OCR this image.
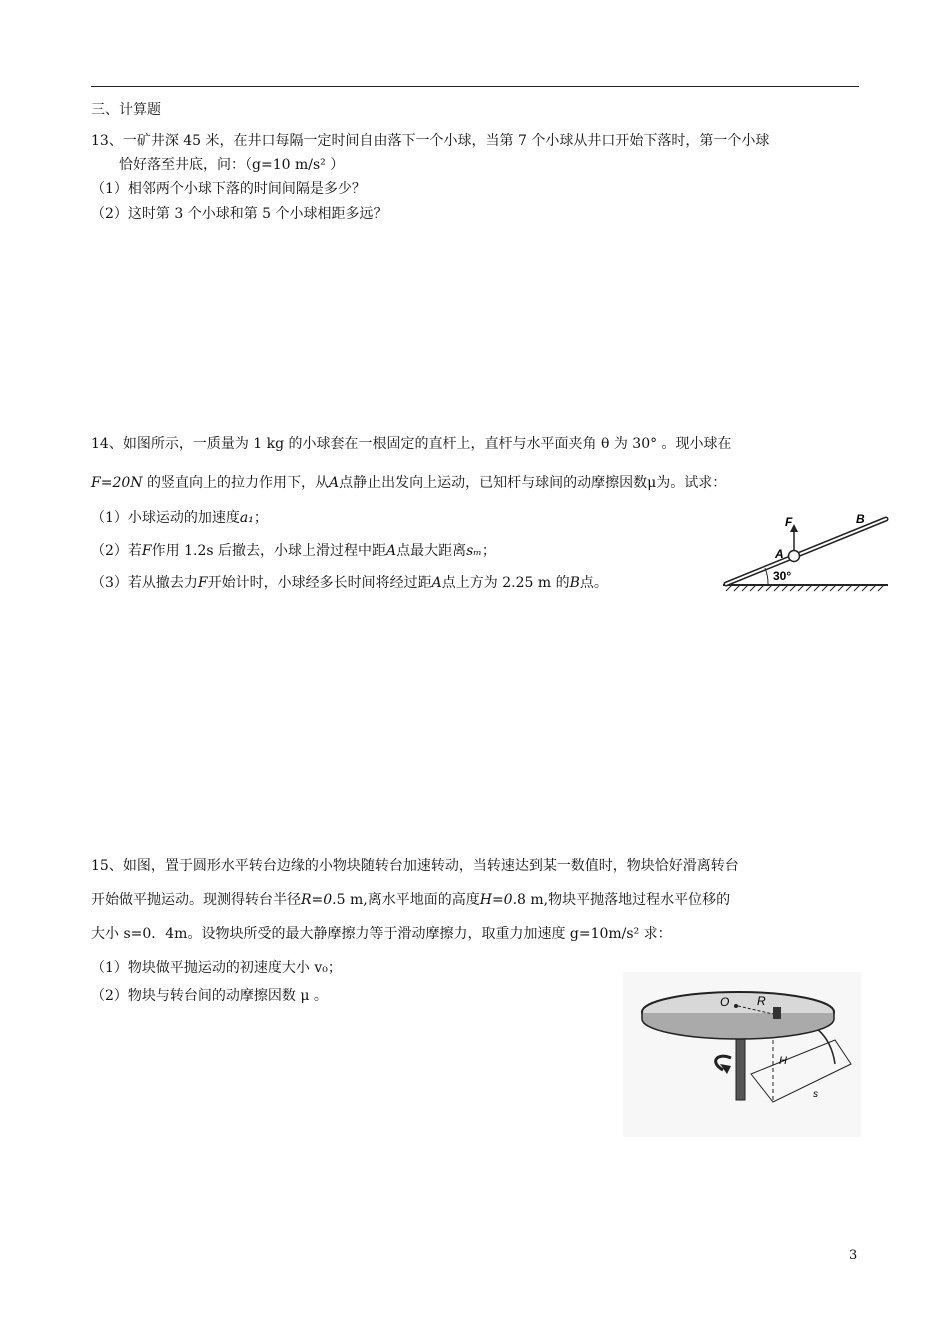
三、计算题
13、一矿井深 45 米，在井口每隔一定时间自由落下一个小球，当第 7 个小球从井口开始下落时，第一个小球
恰好落至井底，问：（g=10 m/s² ）
（1）相邻两个小球下落的时间间隔是多少？
（2）这时第 3 个小球和第 5 个小球相距多远？
14、如图所示，一质量为 1 kg 的小球套在一根固定的直杆上，直杆与水平面夹角 θ 为 30° 。现小球在
F=20N 的竖直向上的拉力作用下，从A点静止出发向上运动，已知杆与球间的动摩擦因数μ为。试求：
（1）小球运动的加速度a₁；
（2）若F作用 1.2s 后撤去，小球上滑过程中距A点最大距离sₘ；
（3）若从撤去力F开始计时，小球经多长时间将经过距A点上方为 2.25 m 的B点。
F
A
B
30°
15、如图，置于圆形水平转台边缘的小物块随转台加速转动，当转速达到某一数值时，物块恰好滑离转台
开始做平抛运动。现测得转台半径R=0.5 m,离水平地面的高度H=0.8 m,物块平抛落地过程水平位移的
大小 s=0．4m。设物块所受的最大静摩擦力等于滑动摩擦力，取重力加速度 g=10m/s² 求：
（1）物块做平抛运动的初速度大小 v₀；
（2）物块与转台间的动摩擦因数 μ 。	O R
H
s
3
